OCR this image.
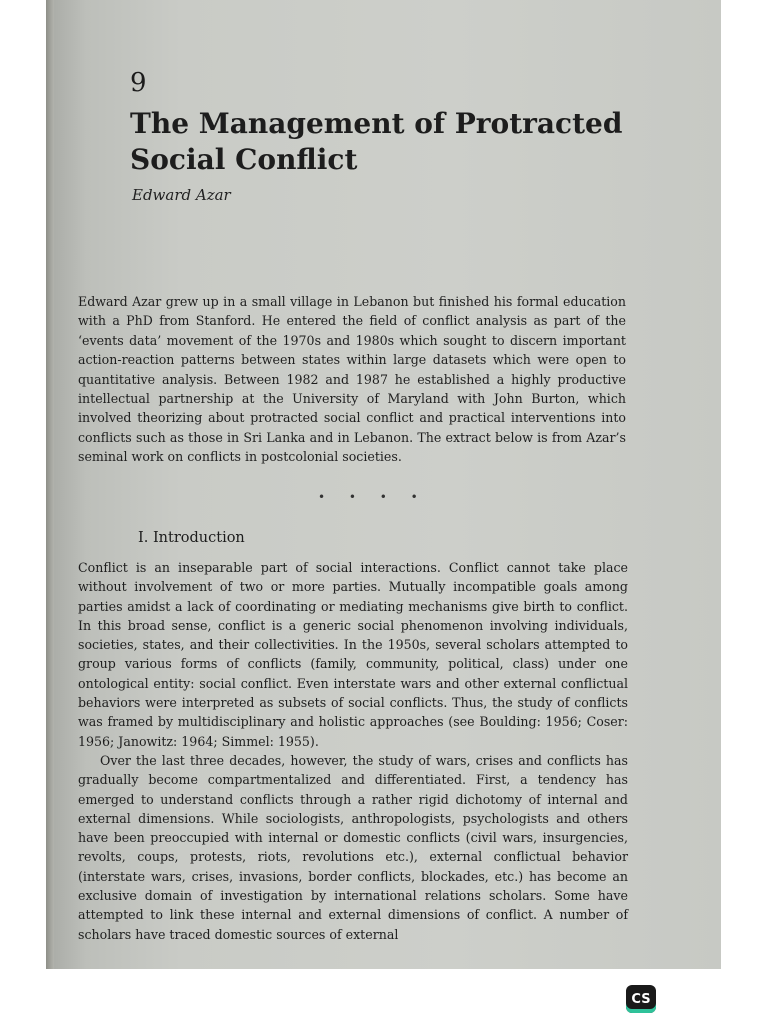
9
The Management of Protracted Social Conflict
Edward Azar

Edward Azar grew up in a small village in Lebanon but finished his formal education with a PhD from Stanford. He entered the field of conflict analysis as part of the ‘events data’ movement of the 1970s and 1980s which sought to discern important action-reaction patterns between states within large datasets which were open to quantitative analysis. Between 1982 and 1987 he established a highly productive intellectual partnership at the University of Maryland with John Burton, which involved theorizing about protracted social conflict and practical interventions into conflicts such as those in Sri Lanka and in Lebanon. The extract below is from Azar’s seminal work on conflicts in postcolonial societies.

• • • •
I. Introduction

Conflict is an inseparable part of social interactions. Conflict cannot take place without involvement of two or more parties. Mutually incompatible goals among parties amidst a lack of coordinating or mediating mechanisms give birth to conflict. In this broad sense, conflict is a generic social phenomenon involving individuals, societies, states, and their collectivities. In the 1950s, several scholars attempted to group various forms of conflicts (family, community, political, class) under one ontological entity: social conflict. Even interstate wars and other external conflictual behaviors were interpreted as subsets of social conflicts. Thus, the study of conflicts was framed by multidisciplinary and holistic approaches (see Boulding: 1956; Coser: 1956; Janowitz: 1964; Simmel: 1955).

Over the last three decades, however, the study of wars, crises and conflicts has gradually become compartmentalized and differentiated. First, a tendency has emerged to understand conflicts through a rather rigid dichotomy of internal and external dimensions. While sociologists, anthropologists, psychologists and others have been preoccupied with internal or domestic conflicts (civil wars, insurgencies, revolts, coups, protests, riots, revolutions etc.), external conflictual behavior (interstate wars, crises, invasions, border conflicts, blockades, etc.) has become an exclusive domain of investigation by international relations scholars. Some have attempted to link these internal and external dimensions of conflict. A number of scholars have traced domestic sources of external

CS
